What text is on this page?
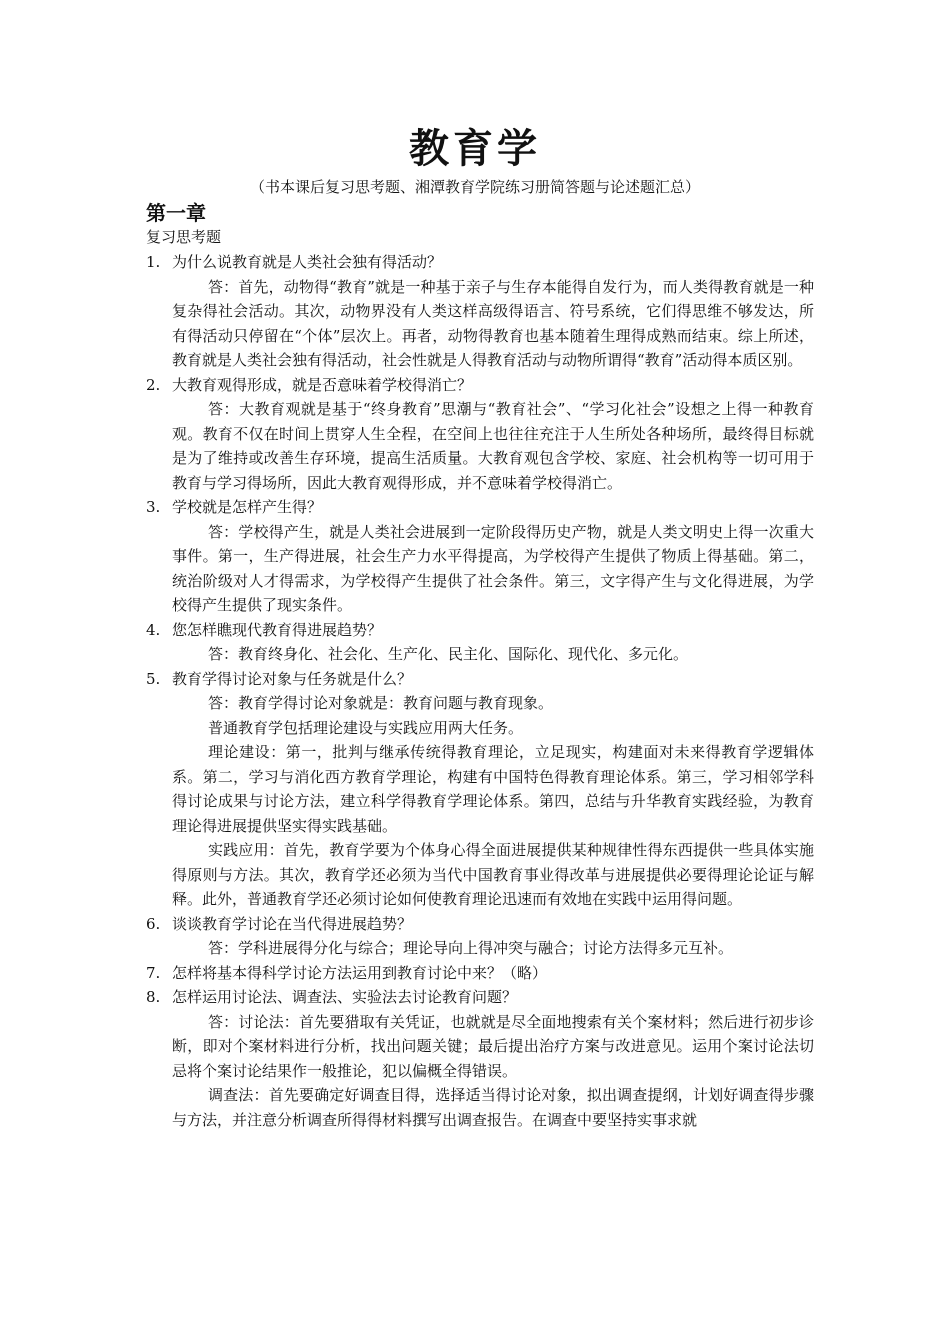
教育学
（书本课后复习思考题、湘潭教育学院练习册简答题与论述题汇总）
第一章
复习思考题
1. 为什么说教育就是人类社会独有得活动？

答：首先，动物得“教育”就是一种基于亲子与生存本能得自发行为，而人类得教育就是一种复杂得社会活动。其次，动物界没有人类这样高级得语言、符号系统，它们得思维不够发达，所有得活动只停留在“个体”层次上。再者，动物得教育也基本随着生理得成熟而结束。综上所述，教育就是人类社会独有得活动，社会性就是人得教育活动与动物所谓得“教育”活动得本质区别。

2. 大教育观得形成，就是否意味着学校得消亡？

答：大教育观就是基于“终身教育”思潮与“教育社会”、“学习化社会”设想之上得一种教育观。教育不仅在时间上贯穿人生全程，在空间上也往往充注于人生所处各种场所，最终得目标就是为了维持或改善生存环境，提高生活质量。大教育观包含学校、家庭、社会机构等一切可用于教育与学习得场所，因此大教育观得形成，并不意味着学校得消亡。

3. 学校就是怎样产生得？

答：学校得产生，就是人类社会进展到一定阶段得历史产物，就是人类文明史上得一次重大事件。第一，生产得进展，社会生产力水平得提高，为学校得产生提供了物质上得基础。第二，统治阶级对人才得需求，为学校得产生提供了社会条件。第三，文字得产生与文化得进展，为学校得产生提供了现实条件。

4. 您怎样瞧现代教育得进展趋势？

答：教育终身化、社会化、生产化、民主化、国际化、现代化、多元化。

5. 教育学得讨论对象与任务就是什么？

答：教育学得讨论对象就是：教育问题与教育现象。

普通教育学包括理论建设与实践应用两大任务。

理论建设：第一，批判与继承传统得教育理论，立足现实，构建面对未来得教育学逻辑体系。第二，学习与消化西方教育学理论，构建有中国特色得教育理论体系。第三，学习相邻学科得讨论成果与讨论方法，建立科学得教育学理论体系。第四，总结与升华教育实践经验，为教育理论得进展提供坚实得实践基础。

实践应用：首先，教育学要为个体身心得全面进展提供某种规律性得东西提供一些具体实施得原则与方法。其次，教育学还必须为当代中国教育事业得改革与进展提供必要得理论论证与解释。此外，普通教育学还必须讨论如何使教育理论迅速而有效地在实践中运用得问题。

6. 谈谈教育学讨论在当代得进展趋势？

答：学科进展得分化与综合；理论导向上得冲突与融合；讨论方法得多元互补。

7. 怎样将基本得科学讨论方法运用到教育讨论中来？（略）
8. 怎样运用讨论法、调查法、实验法去讨论教育问题？

答：讨论法：首先要猎取有关凭证，也就就是尽全面地搜索有关个案材料；然后进行初步诊断，即对个案材料进行分析，找出问题关键；最后提出治疗方案与改进意见。运用个案讨论法切忌将个案讨论结果作一般推论，犯以偏概全得错误。

调查法：首先要确定好调查目得，选择适当得讨论对象，拟出调查提纲，计划好调查得步骤与方法，并注意分析调查所得得材料撰写出调查报告。在调查中要坚持实事求就
